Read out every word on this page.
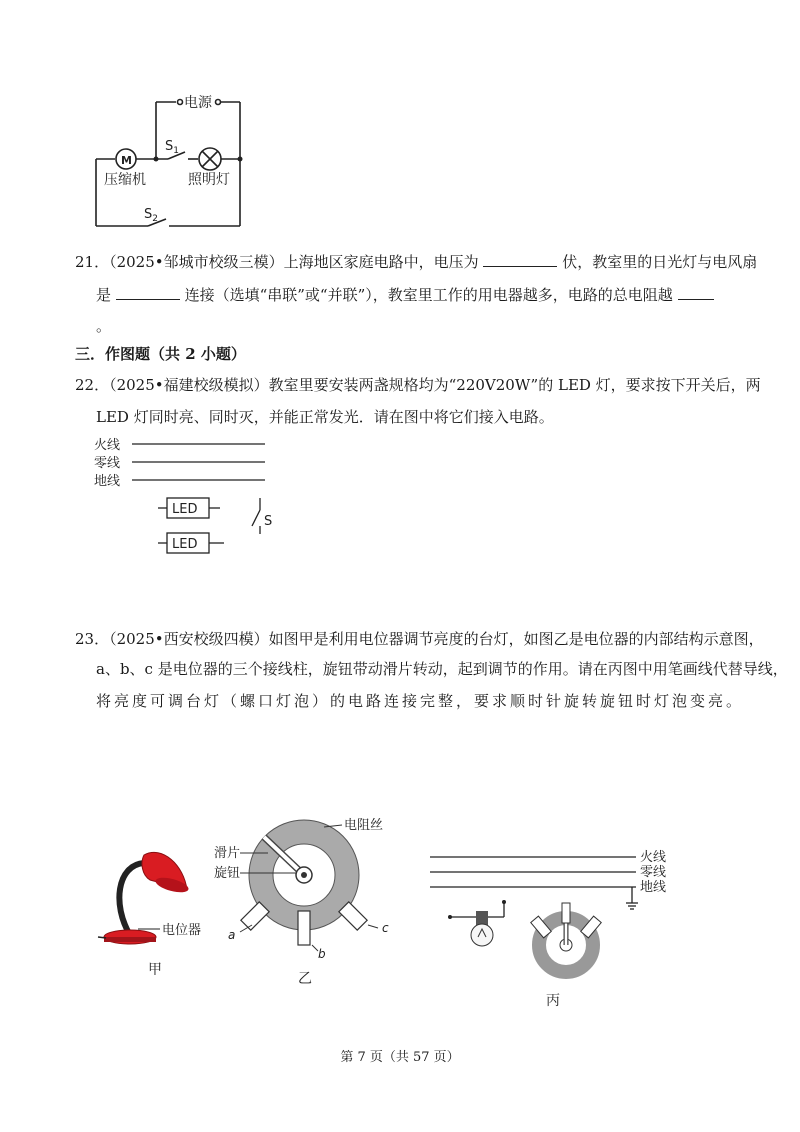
电源
M
压缩机	照明灯
$S_1$
$S_2$
21．（2025•邹城市校级三模）上海地区家庭电路中，电压为	伏，教室里的日光灯与电风扇
是	连接（选填“串联”或“并联”），教室里工作的用电器越多，电路的总电阻越
。
三．作图题（共 2 小题）
22．（2025•福建校级模拟）教室里要安装两盏规格均为“220V20W”的 LED 灯，要求按下开关后，两
LED 灯同时亮、同时灭，并能正常发光．请在图中将它们接入电路。
火线
零线
地线
LED
LED
S
23．（2025•西安校级四模）如图甲是利用电位器调节亮度的台灯，如图乙是电位器的内部结构示意图，
a、b、c 是电位器的三个接线柱，旋钮带动滑片转动，起到调节的作用。请在丙图中用笔画线代替导线，
将亮度可调台灯（螺口灯泡）的电路连接完整，要求顺时针旋转旋钮时灯泡变亮。
电位器
甲
电阻丝
滑片
旋钮
a
b
c
乙
火线
零线
地线
丙
第 7 页（共 57 页）
